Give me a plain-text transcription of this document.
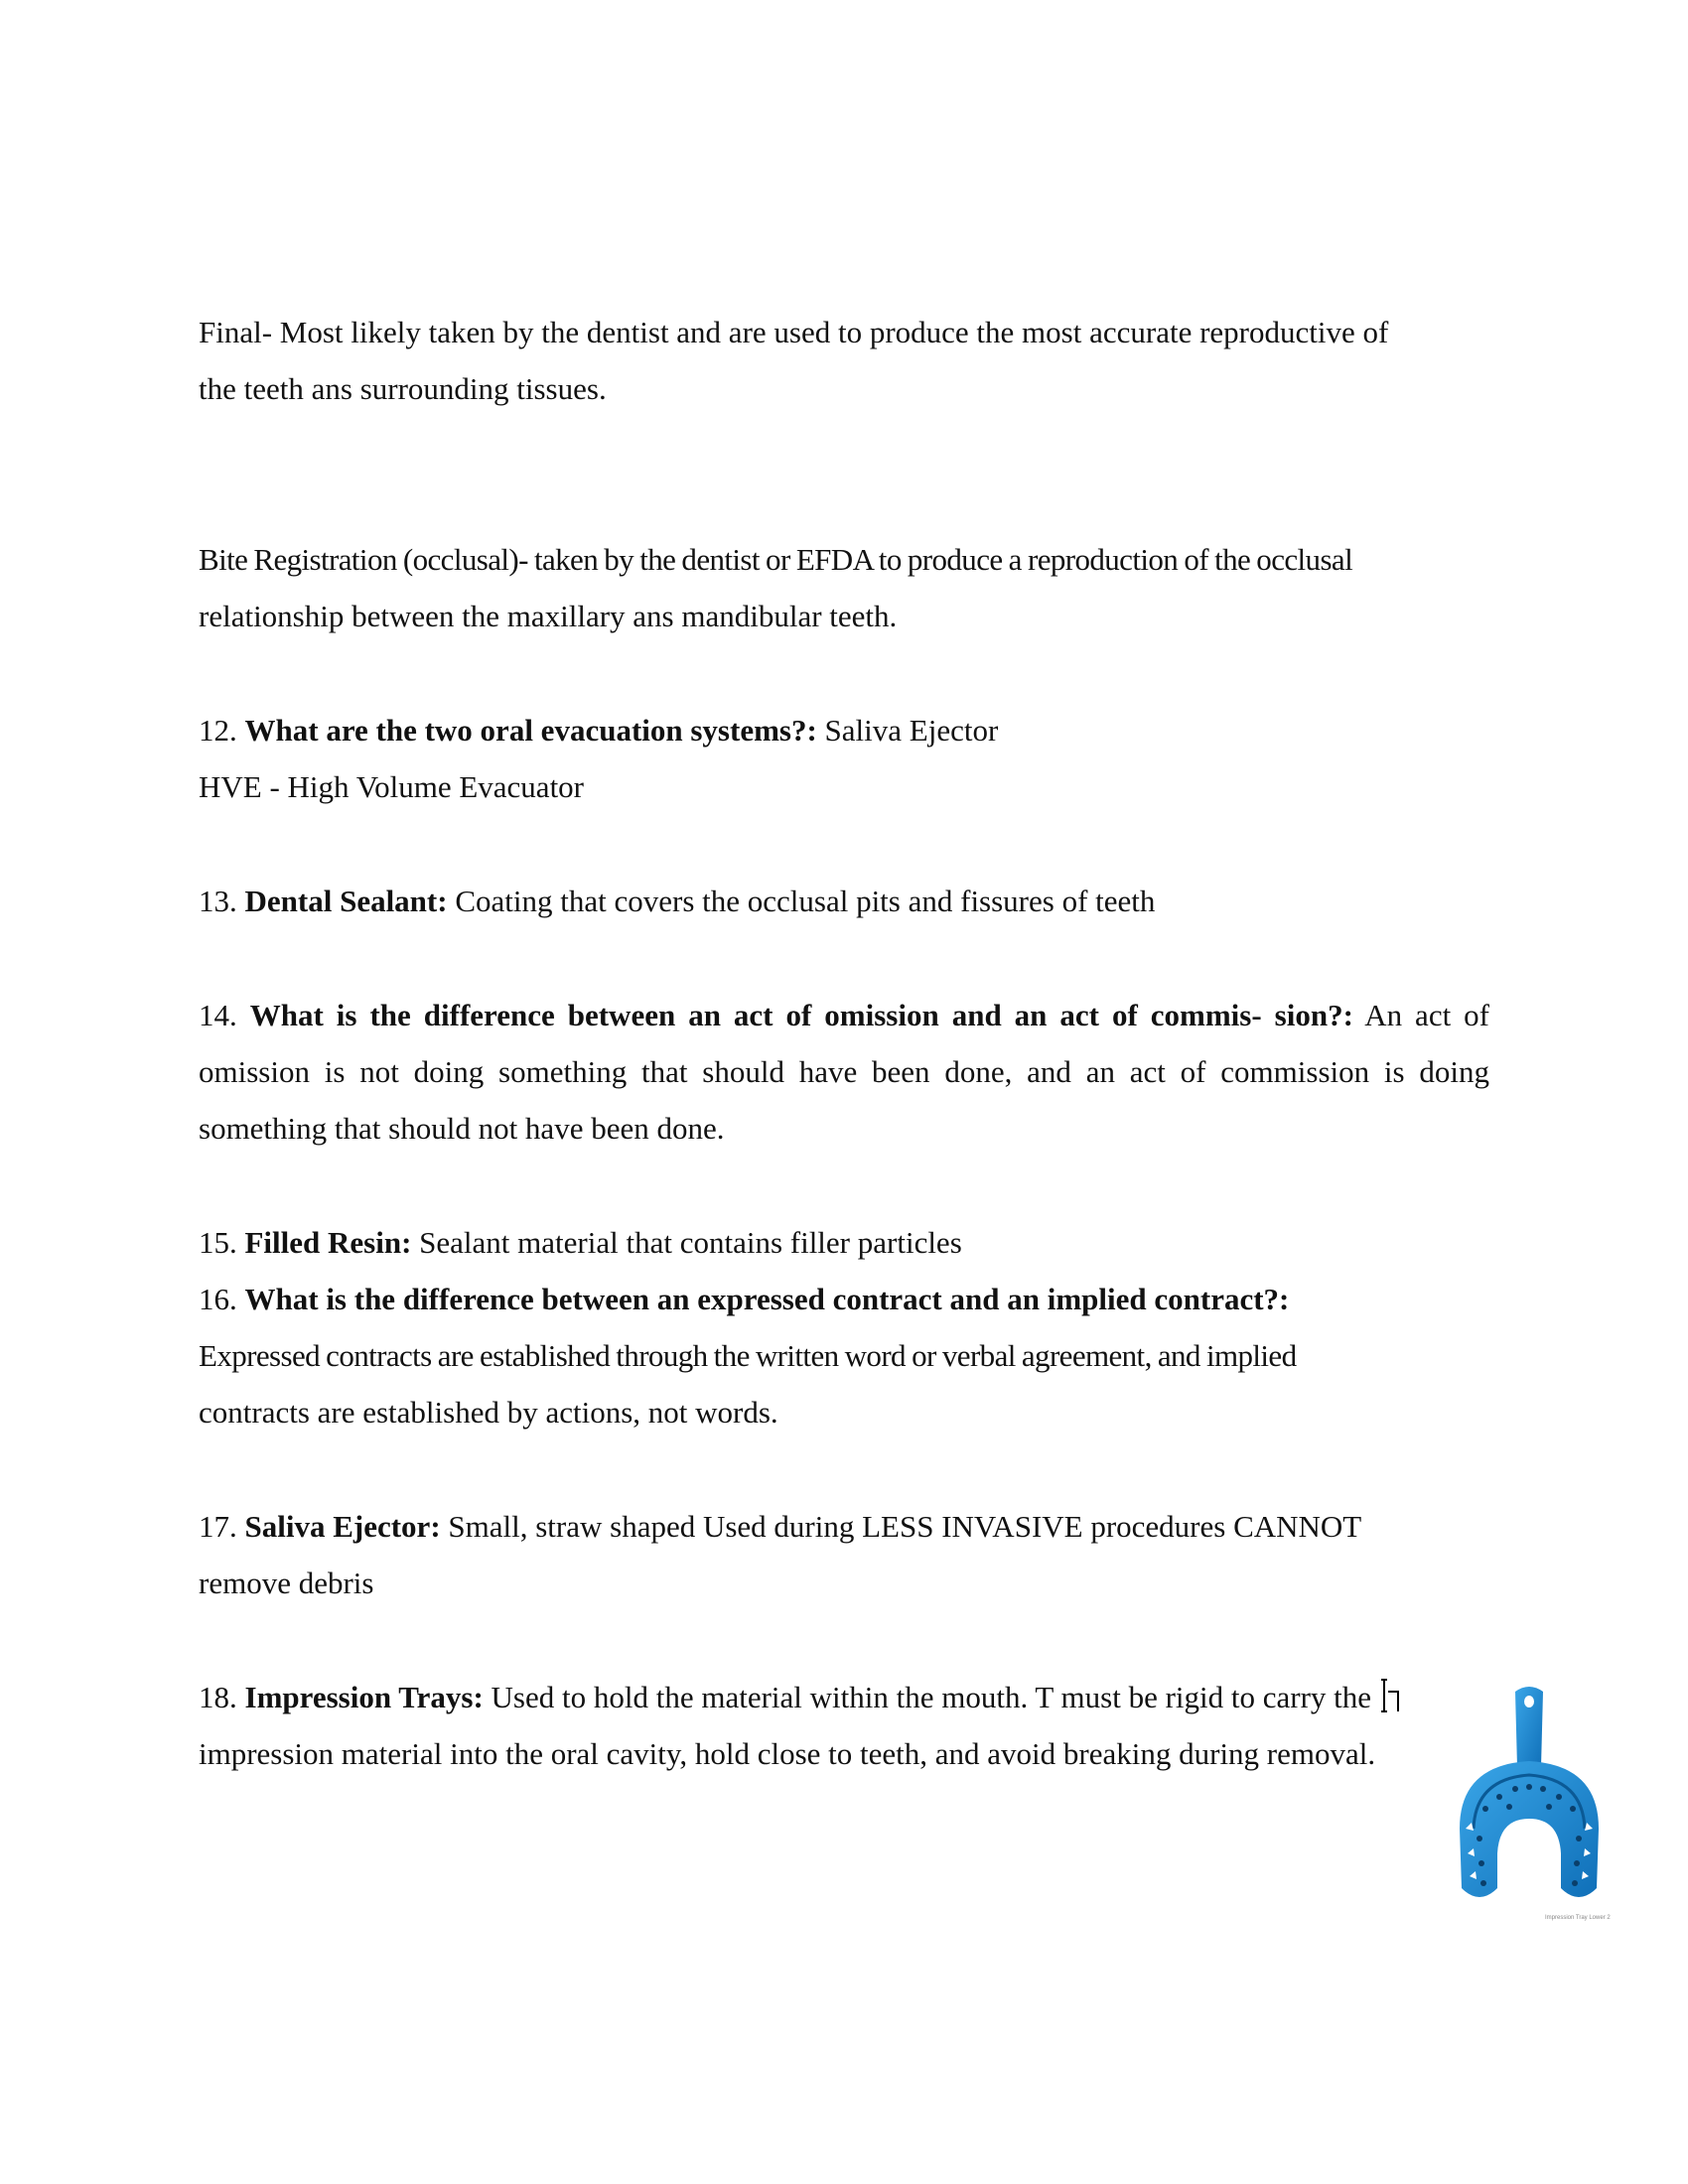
Final- Most likely taken by the dentist and are used to produce the most accurate reproductive of
the teeth ans surrounding tissues.
Bite Registration (occlusal)- taken by the dentist or EFDA to produce a reproduction of the occlusal
relationship between the maxillary ans mandibular teeth.
12. What are the two oral evacuation systems?: Saliva Ejector
HVE - High Volume Evacuator
13. Dental Sealant: Coating that covers the occlusal pits and fissures of teeth
14. What is the difference between an act of omission and an act of commis- sion?: An act of
omission is not doing something that should have been done, and an act of commission is doing
something that should not have been done.
15. Filled Resin: Sealant material that contains filler particles
16. What is the difference between an expressed contract and an implied contract?:
Expressed contracts are established through the written word or verbal agreement, and implied
contracts are established by actions, not words.
17. Saliva Ejector: Small, straw shaped Used during LESS INVASIVE procedures CANNOT
remove debris
18. Impression Trays: Used to hold the material within the mouth. T must be rigid to carry the
impression material into the oral cavity, hold close to teeth, and avoid breaking during removal.
Impression Tray Lower 2
